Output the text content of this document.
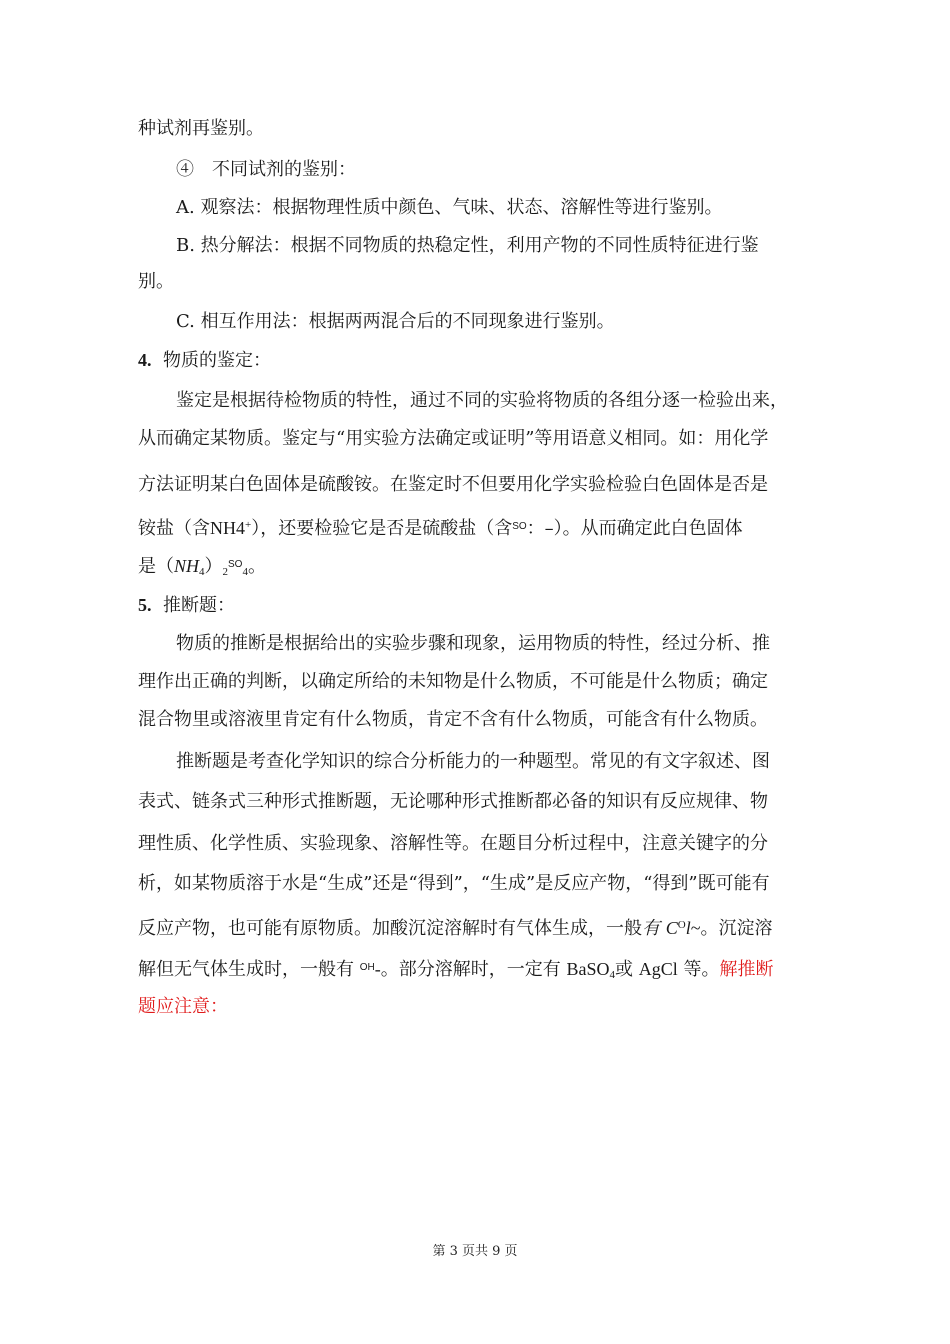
种试剂再鉴别。
④　不同试剂的鉴别：
A. 观察法：根据物理性质中颜色、气味、状态、溶解性等进行鉴别。
B. 热分解法：根据不同物质的热稳定性，利用产物的不同性质特征进行鉴
别。
C. 相互作用法：根据两两混合后的不同现象进行鉴别。
4. 物质的鉴定：
鉴定是根据待检物质的特性，通过不同的实验将物质的各组分逐一检验出来，
从而确定某物质。鉴定与“用实验方法确定或证明”等用语意义相同。如：用化学
方法证明某白色固体是硫酸铵。在鉴定时不但要用化学实验检验白色固体是否是
铵盐（含NH4+），还要检验它是否是硫酸盐（含$^{SO}$：–）。从而确定此白色固体
是$(NH_4)_2^{SO}_4$。
5. 推断题：
物质的推断是根据给出的实验步骤和现象，运用物质的特性，经过分析、推
理作出正确的判断，以确定所给的未知物是什么物质，不可能是什么物质；确定
混合物里或溶液里肯定有什么物质，肯定不含有什么物质，可能含有什么物质。
推断题是考查化学知识的综合分析能力的一种题型。常见的有文字叙述、图
表式、链条式三种形式推断题，无论哪种形式推断都必备的知识有反应规律、物
理性质、化学性质、实验现象、溶解性等。在题目分析过程中，注意关键字的分
析，如某物质溶于水是“生成”还是“得到”，“生成”是反应产物，“得到”既可能有
反应产物，也可能有原物质。加酸沉淀溶解时有气体生成，一般有 $C^Ol\sim$。沉淀溶
解但无气体生成时，一般有 $^{OH}$-。部分溶解时，一定有 BaSO$_4$或 AgCl 等。解推断
题应注意：
第 3 页共 9 页
